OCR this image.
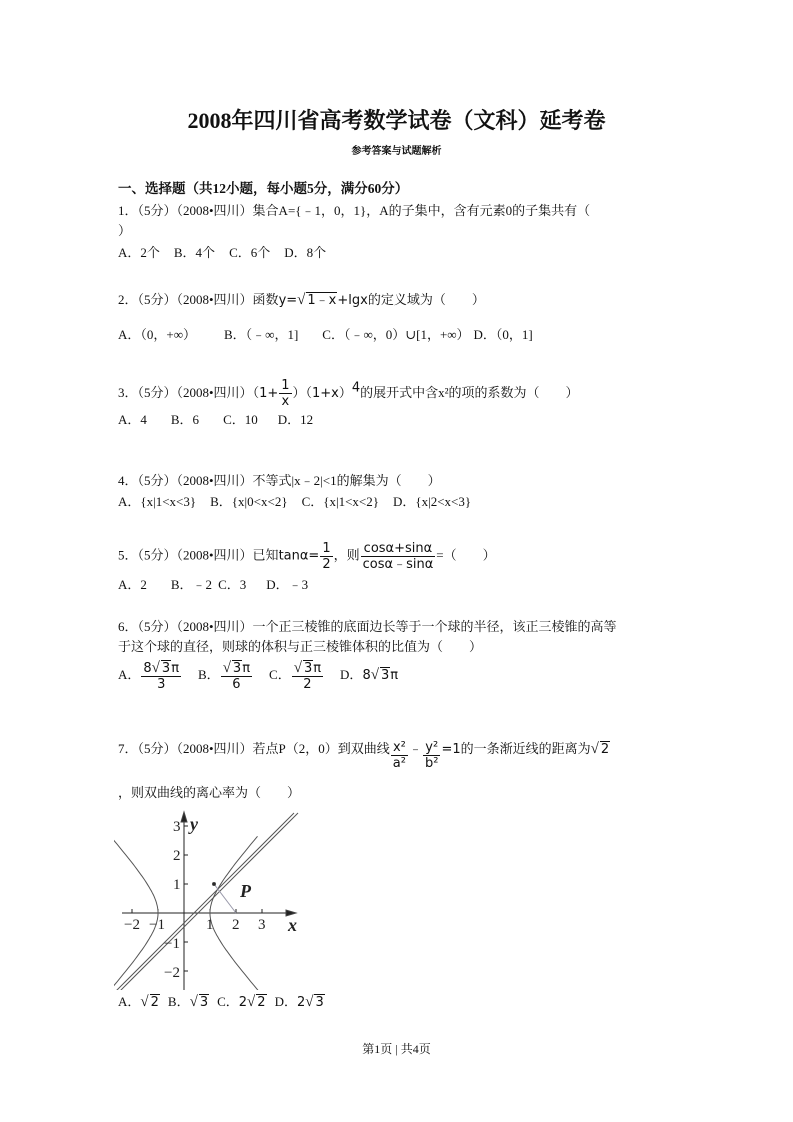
2008年四川省高考数学试卷（文科）延考卷
参考答案与试题解析
一、选择题（共12小题，每小题5分，满分60分）
1．（5分）（2008•四川）集合A={﹣1，0，1}，A的子集中，含有元素0的子集共有（
）
A．2个 B．4个 C．6个 D．8个
2．（5分）（2008•四川）函数y=√ 1﹣x+lgx的定义域为（　　）
A．（0，+∞） B．（﹣∞，1] C．（﹣∞，0）∪[1，+∞） D．（0，1]
3．（5分）（2008•四川）$(1+ \frac{1}{x} )(1+x)^4$的展开式中含x²的项的系数为（　　）
A．4 B．6 C．10 D．12
4．（5分）（2008•四川）不等式|x﹣2|<1的解集为（　　）
A．{x|1<x<3} B．{x|0<x<2} C．{x|1<x<2} D．{x|2<x<3}
5．（5分）（2008•四川）已知$\tan\alpha= \frac{1}{2}$ ，则 $\frac{\cos\alpha+\sin\alpha}{\cos\alpha﹣\sin\alpha}$ =（　　）
A．2 B．﹣2 C．3 D．﹣3
6．（5分）（2008•四川）一个正三棱锥的底面边长等于一个球的半径，该正三棱锥的高等
于这个球的直径，则球的体积与正三棱锥体积的比值为（　　）
A． $\frac{8√ 3\pi}{3}$ B． $\frac{√ 3\pi}{6}$ C． $\frac{√ 3\pi}{2}$ D．8√ 3π
7．（5分）（2008•四川）若点P（2，0）到双曲线 $\frac{\text{x²}}{\text{a²}}$ ﹣ $\frac{\text{y²}}{\text{b²}} =1$的一条渐近线的距离为√ 2
，则双曲线的离心率为（　　）
P
x
y
−2 −1	1 2 3
3
2
1
−1
−2
A．√ 2 B．√ 3 C．2√ 2 D．2√ 3
第1页 | 共4页
